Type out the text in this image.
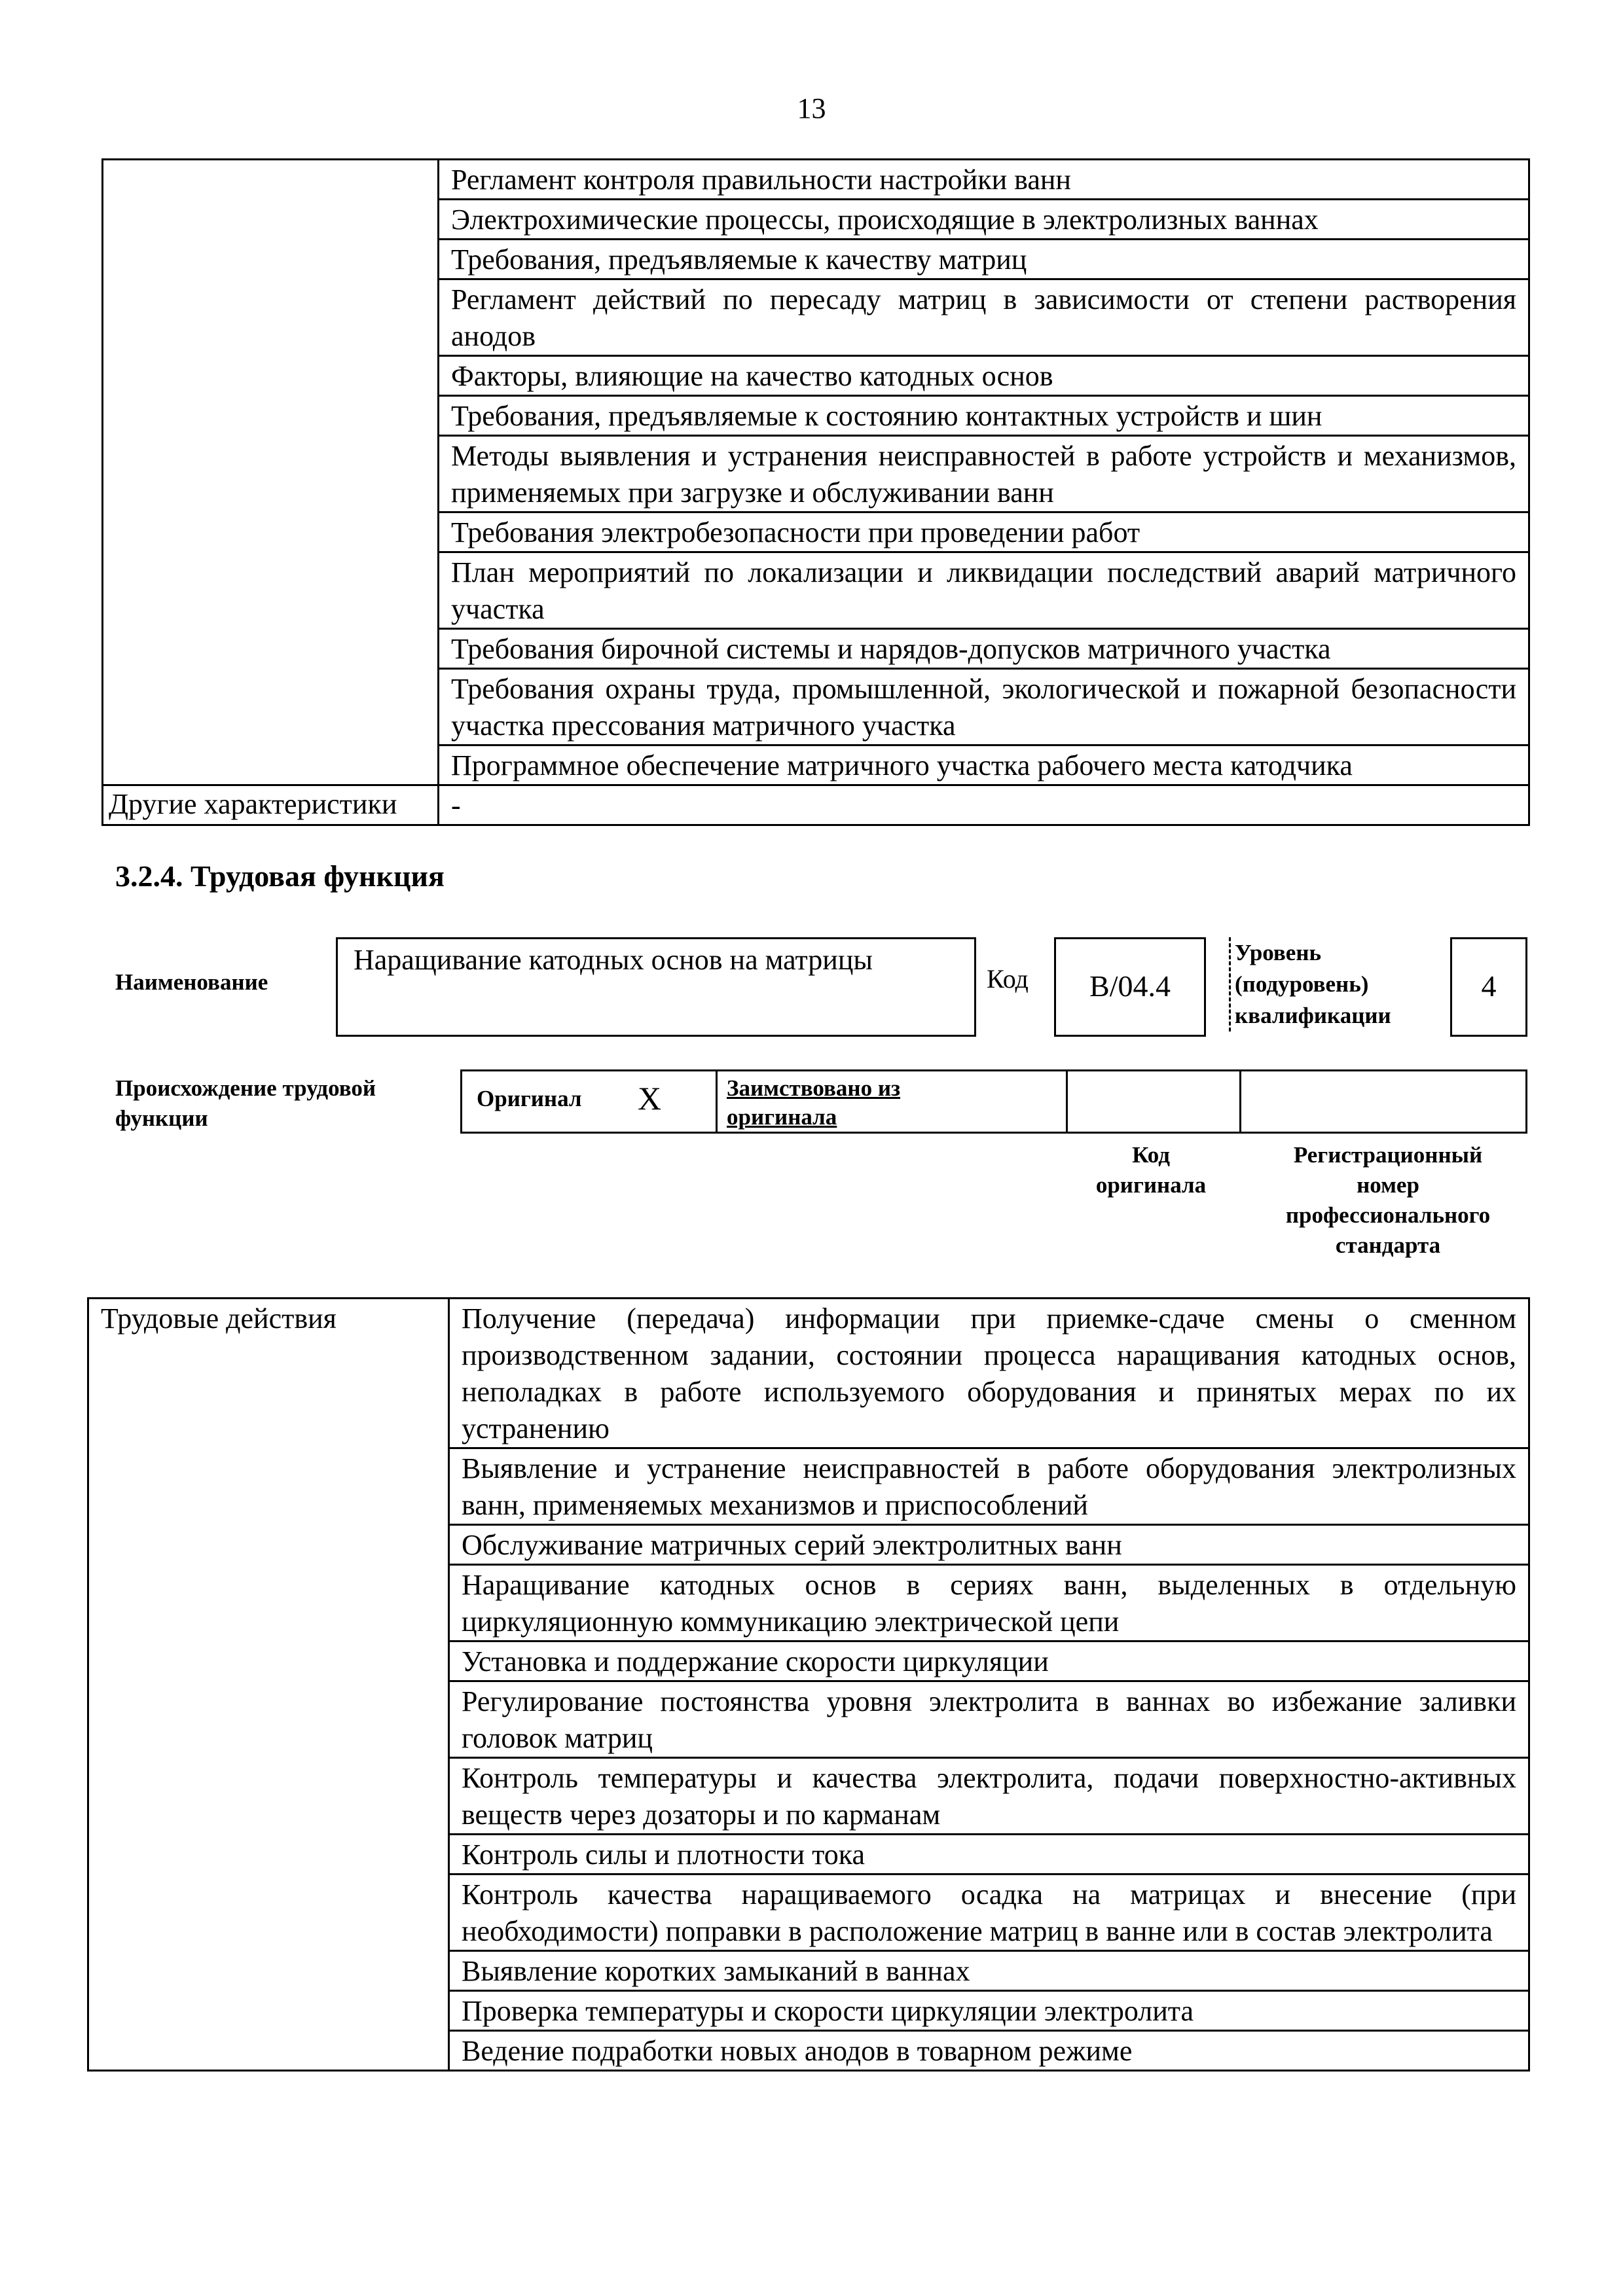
13
	Регламент контроля правильности настройки ванн
	Электрохимические процессы, происходящие в электролизных ваннах
	Требования, предъявляемые к качеству матриц
	Регламент действий по пересаду матриц в зависимости от степени растворения анодов
	Факторы, влияющие на качество катодных основ
	Требования, предъявляемые к состоянию контактных устройств и шин
	Методы выявления и устранения неисправностей в работе устройств и механизмов, применяемых при загрузке и обслуживании ванн
	Требования электробезопасности при проведении работ
	План мероприятий по локализации и ликвидации последствий аварий матричного участка
	Требования бирочной системы и нарядов-допусков матричного участка
	Требования охраны труда, промышленной, экологической и пожарной безопасности участка прессования матричного участка
	Программное обеспечение матричного участка рабочего места катодчика
Другие характеристики	-
3.2.4. Трудовая функция
Наименование
Наращивание катодных основ на матрицы
Код	B/04.4
Уровень
(подуровень)
квалификации
4
Происхождение трудовой
функции
Оригинал X	Заимствовано из
оригинала
Код
оригинала
Регистрационный
номер
профессионального
стандарта
Трудовые действия	Получение (передача) информации при приемке-сдаче смены о сменном производственном задании, состоянии процесса наращивания катодных основ, неполадках в работе используемого оборудования и принятых мерах по их устранению
Выявление и устранение неисправностей в работе оборудования электролизных ванн, применяемых механизмов и приспособлений
Обслуживание матричных серий электролитных ванн
Наращивание катодных основ в сериях ванн, выделенных в отдельную циркуляционную коммуникацию электрической цепи
Установка и поддержание скорости циркуляции
Регулирование постоянства уровня электролита в ваннах во избежание заливки головок матриц
Контроль температуры и качества электролита, подачи поверхностно-активных веществ через дозаторы и по карманам
Контроль силы и плотности тока
Контроль качества наращиваемого осадка на матрицах и внесение (при необходимости) поправки в расположение матриц в ванне или в состав электролита
Выявление коротких замыканий в ваннах
Проверка температуры и скорости циркуляции электролита
Ведение подработки новых анодов в товарном режиме
